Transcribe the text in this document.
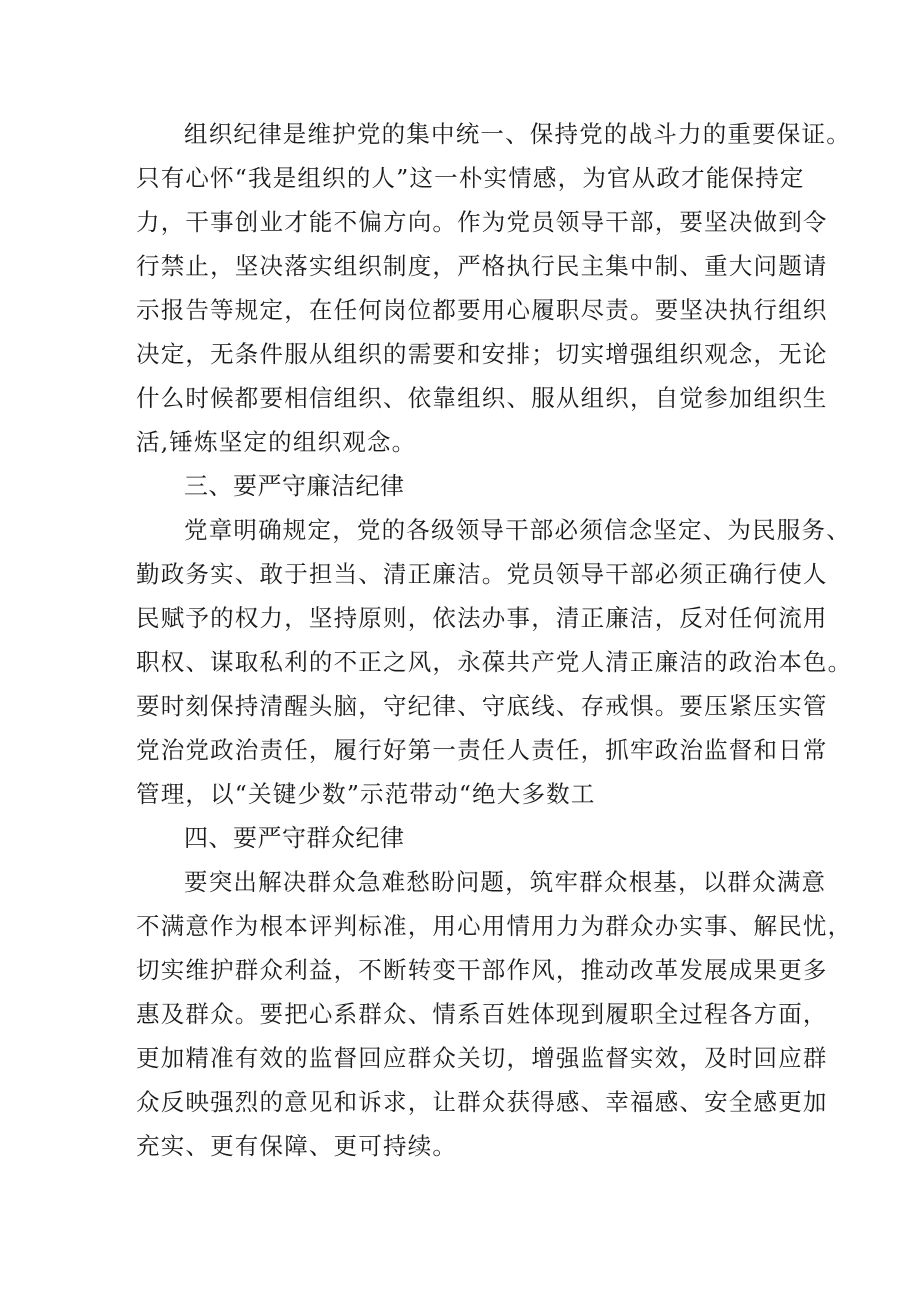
组织纪律是维护党的集中统一、保持党的战斗力的重要保证。
只有心怀“我是组织的人”这一朴实情感，为官从政才能保持定
力，干事创业才能不偏方向。作为党员领导干部，要坚决做到令
行禁止，坚决落实组织制度，严格执行民主集中制、重大问题请
示报告等规定，在任何岗位都要用心履职尽责。要坚决执行组织
决定，无条件服从组织的需要和安排；切实增强组织观念，无论
什么时候都要相信组织、依靠组织、服从组织，自觉参加组织生
活,锤炼坚定的组织观念。
三、要严守廉洁纪律
党章明确规定，党的各级领导干部必须信念坚定、为民服务、
勤政务实、敢于担当、清正廉洁。党员领导干部必须正确行使人
民赋予的权力，坚持原则，依法办事，清正廉洁，反对任何流用
职权、谋取私利的不正之风，永葆共产党人清正廉洁的政治本色。
要时刻保持清醒头脑，守纪律、守底线、存戒惧。要压紧压实管
党治党政治责任，履行好第一责任人责任，抓牢政治监督和日常
管理，以“关键少数”示范带动“绝大多数工
四、要严守群众纪律
要突出解决群众急难愁盼问题，筑牢群众根基，以群众满意
不满意作为根本评判标准，用心用情用力为群众办实事、解民忧，
切实维护群众利益，不断转变干部作风，推动改革发展成果更多
惠及群众。要把心系群众、情系百姓体现到履职全过程各方面，
更加精准有效的监督回应群众关切，增强监督实效，及时回应群
众反映强烈的意见和诉求，让群众获得感、幸福感、安全感更加
充实、更有保障、更可持续。
